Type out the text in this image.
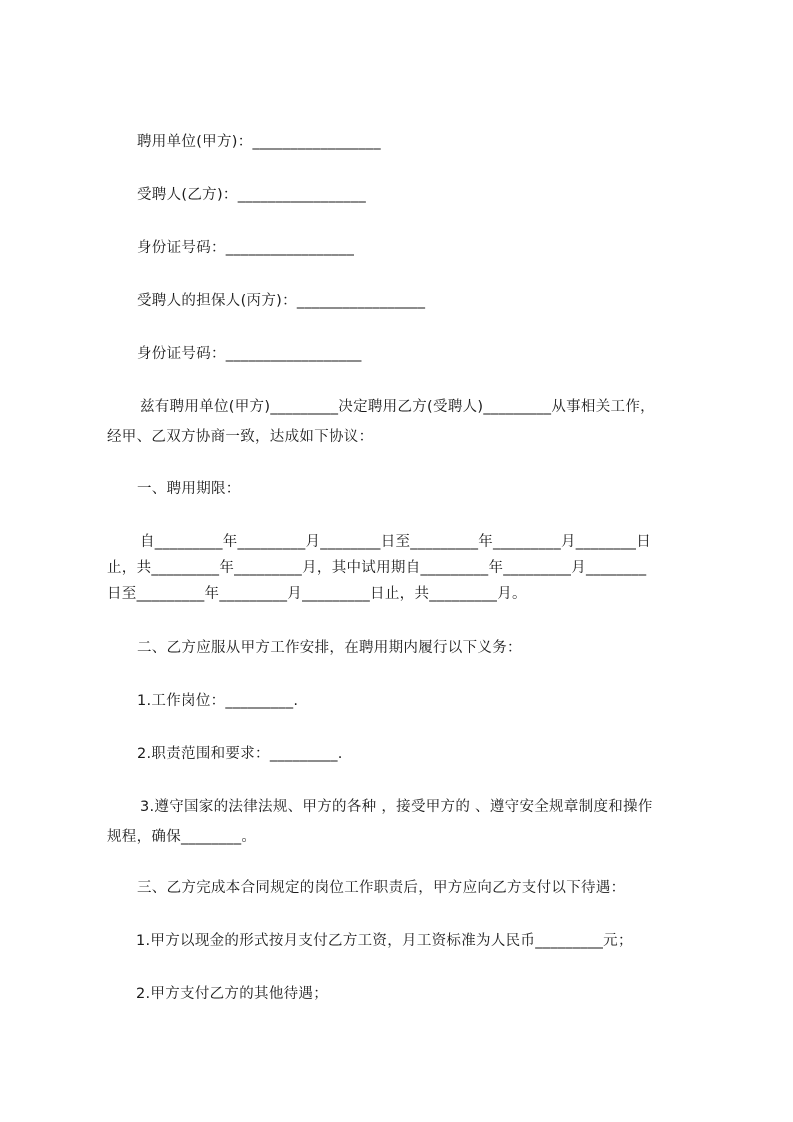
聘用单位(甲方)：_________________
受聘人(乙方)：_________________
身份证号码：_________________
受聘人的担保人(丙方)：_________________
身份证号码：__________________
兹有聘用单位(甲方)_________决定聘用乙方(受聘人)_________从事相关工作，
经甲、乙双方协商一致，达成如下协议：
一、聘用期限：
自_________年_________月________日至_________年_________月________日
止，共_________年_________月，其中试用期自_________年_________月________
日至_________年_________月_________日止，共_________月。
二、乙方应服从甲方工作安排，在聘用期内履行以下义务：
1.工作岗位：_________.
2.职责范围和要求：_________.
3.遵守国家的法律法规、甲方的各种 ，接受甲方的 、遵守安全规章制度和操作
规程，确保________。
三、乙方完成本合同规定的岗位工作职责后，甲方应向乙方支付以下待遇：
1.甲方以现金的形式按月支付乙方工资，月工资标准为人民币_________元；
2.甲方支付乙方的其他待遇；
